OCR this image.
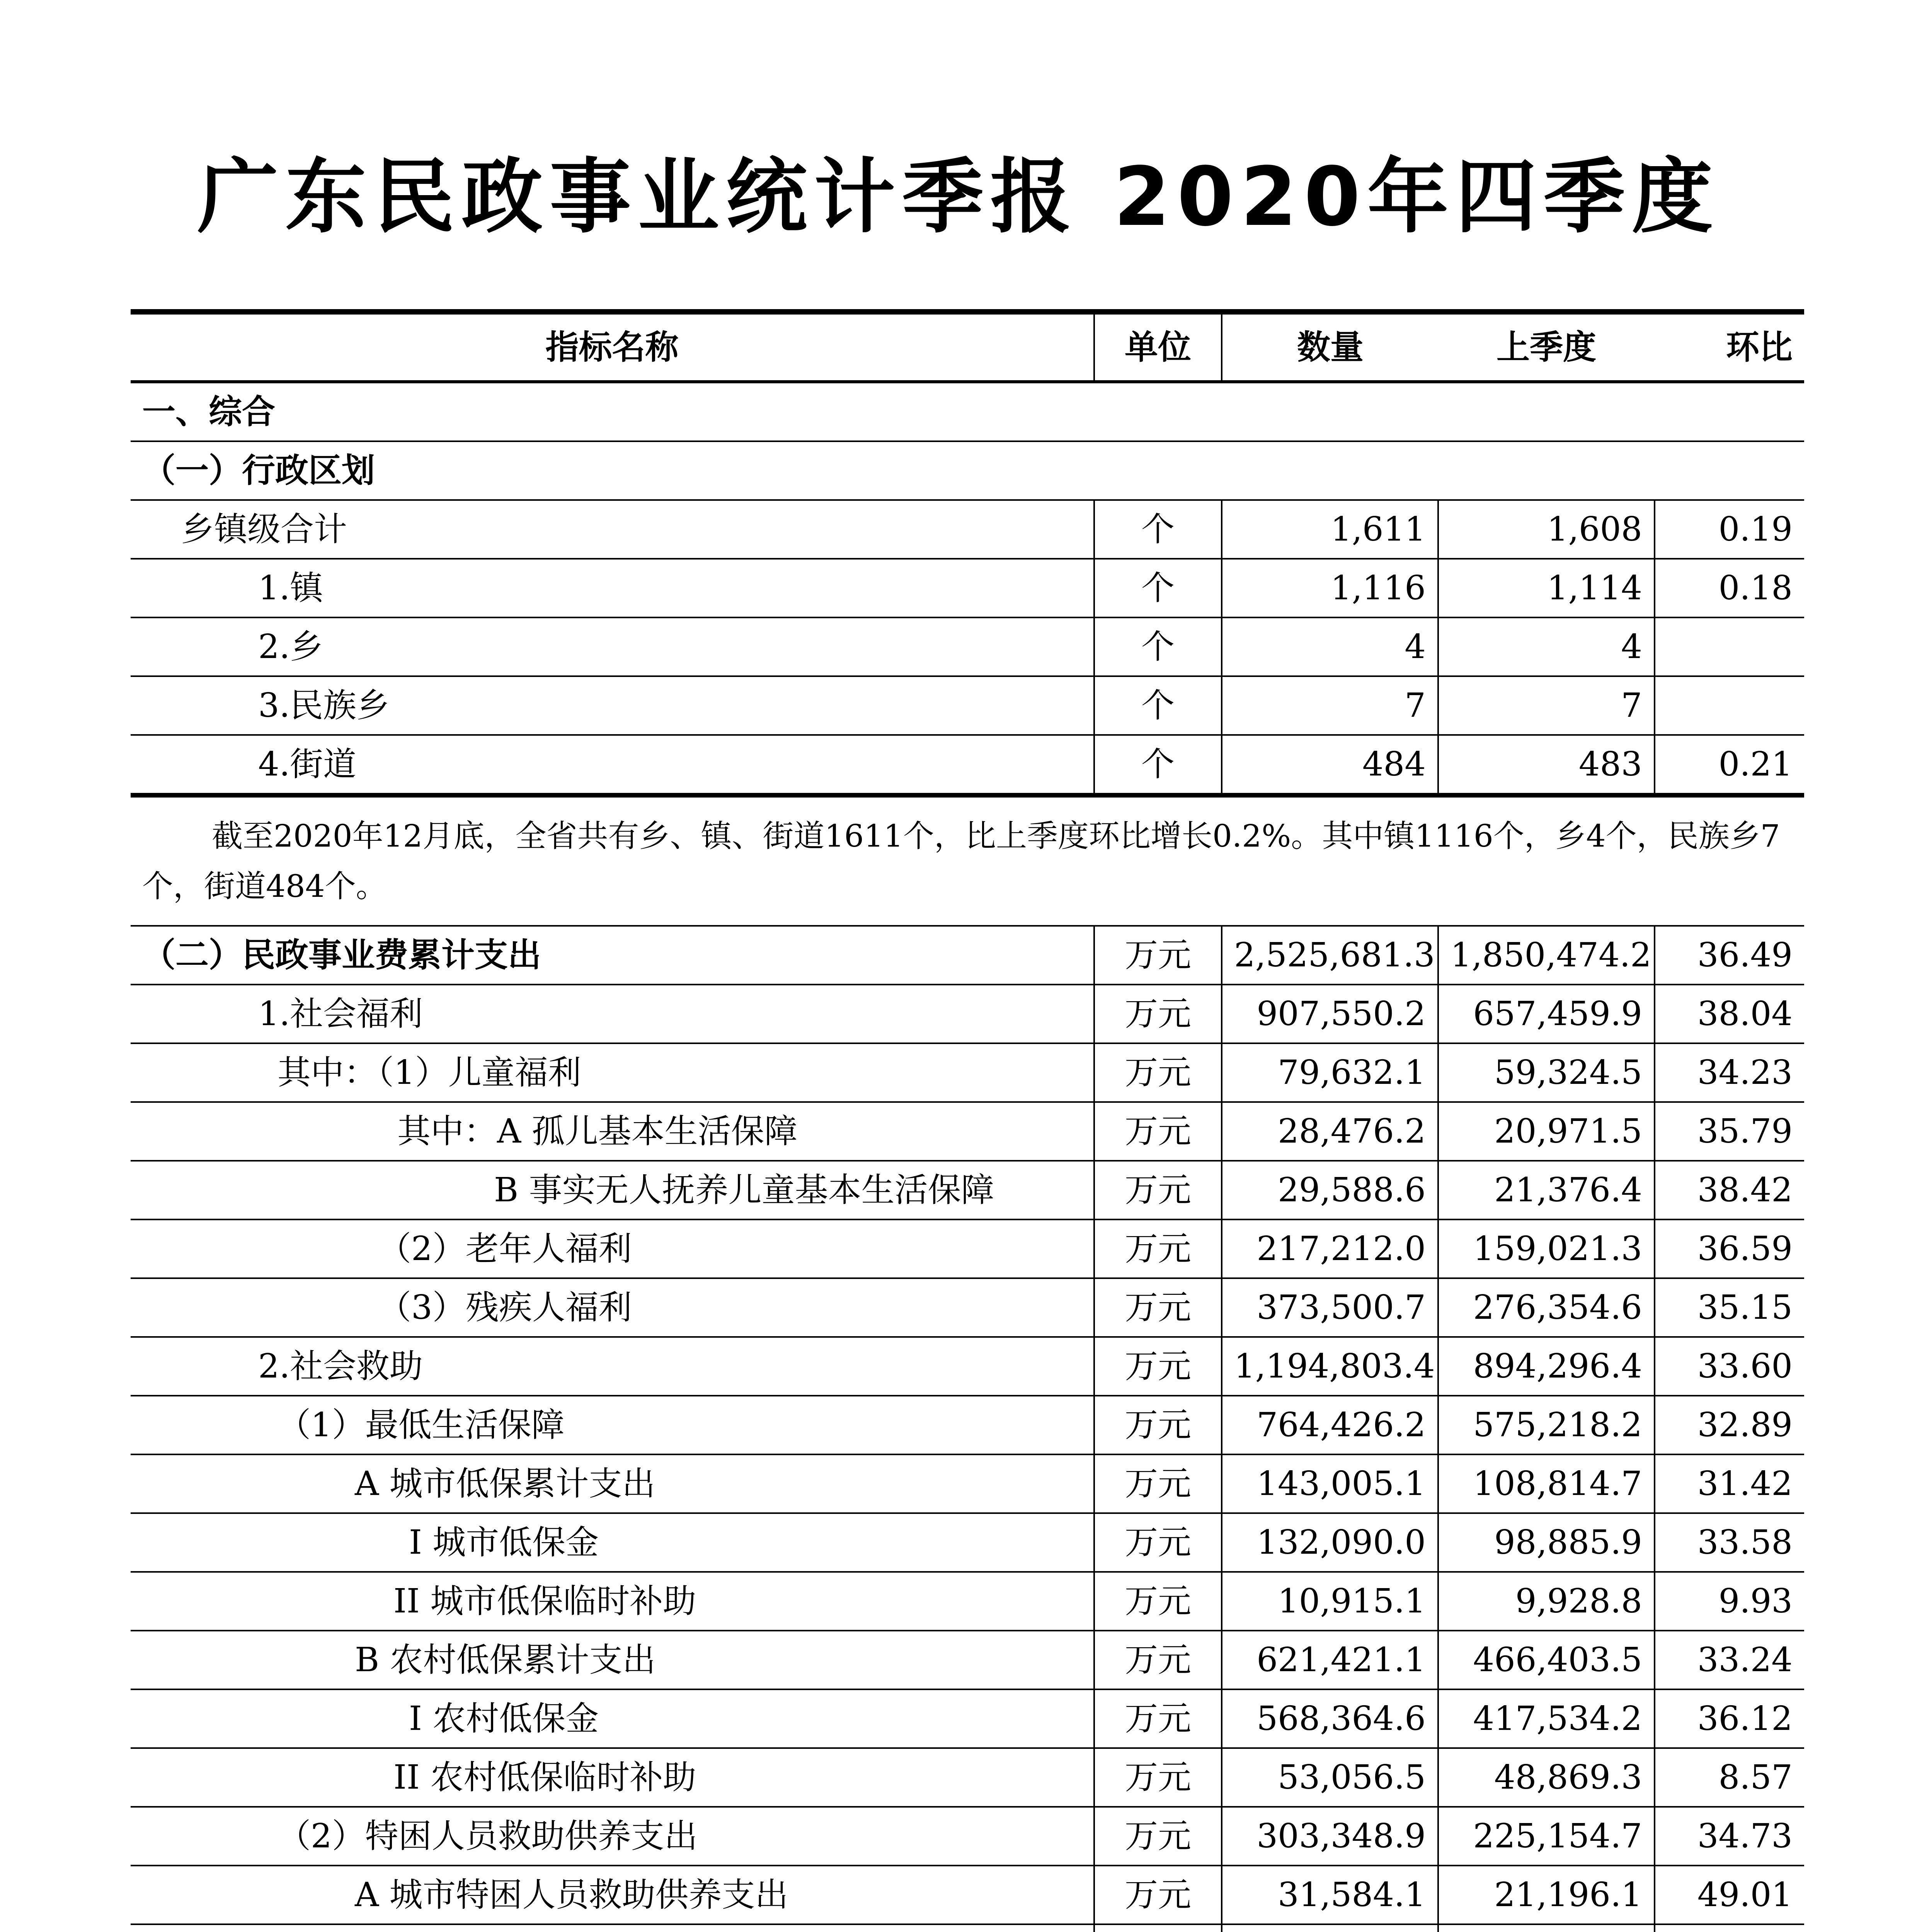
广东民政事业统计季报 2020年四季度
指标名称	单位	数量	上季度	环比
一、综合				
（一）行政区划				
乡镇级合计	个	1,611	1,608	0.19
1.镇	个	1,116	1,114	0.18
2.乡	个	4	4	
3.民族乡	个	7	7	
4.街道	个	484	483	0.21
截至2020年12月底，全省共有乡、镇、街道1611个，比上季度环比增长0.2%。其中镇1116个，乡4个，民族乡7个，街道484个。				
（二）民政事业费累计支出	万元	2,525,681.3	1,850,474.2	36.49
1.社会福利	万元	907,550.2	657,459.9	38.04
其中：（1）儿童福利	万元	79,632.1	59,324.5	34.23
其中：A 孤儿基本生活保障	万元	28,476.2	20,971.5	35.79
B 事实无人抚养儿童基本生活保障	万元	29,588.6	21,376.4	38.42
（2）老年人福利	万元	217,212.0	159,021.3	36.59
（3）残疾人福利	万元	373,500.7	276,354.6	35.15
2.社会救助	万元	1,194,803.4	894,296.4	33.60
（1）最低生活保障	万元	764,426.2	575,218.2	32.89
A 城市低保累计支出	万元	143,005.1	108,814.7	31.42
I 城市低保金	万元	132,090.0	98,885.9	33.58
II 城市低保临时补助	万元	10,915.1	9,928.8	9.93
B 农村低保累计支出	万元	621,421.1	466,403.5	33.24
I 农村低保金	万元	568,364.6	417,534.2	36.12
II 农村低保临时补助	万元	53,056.5	48,869.3	8.57
（2）特困人员救助供养支出	万元	303,348.9	225,154.7	34.73
A 城市特困人员救助供养支出	万元	31,584.1	21,196.1	49.01
